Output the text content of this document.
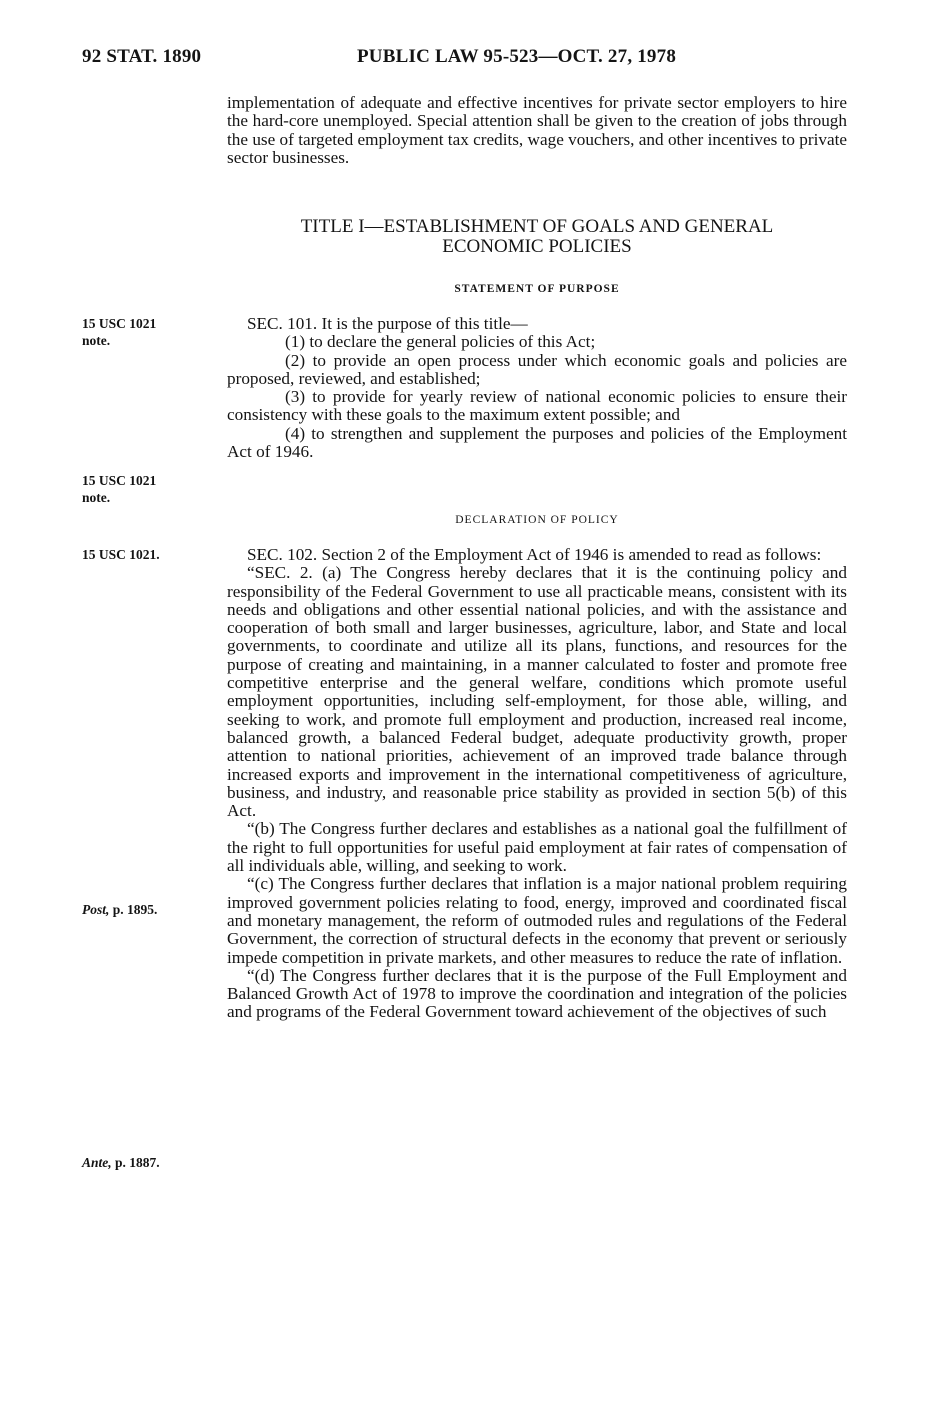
92 STAT. 1890	PUBLIC LAW 95-523—OCT. 27, 1978

implementation of adequate and effective incentives for private sector employers to hire the hard-core unemployed. Special attention shall be given to the creation of jobs through the use of targeted employment tax credits, wage vouchers, and other incentives to private sector businesses.

TITLE I—ESTABLISHMENT OF GOALS AND GENERAL
ECONOMIC POLICIES
STATEMENT OF PURPOSE
15 USC 1021
note.
15 USC 1021
note.
15 USC 1021.
Post, p. 1895.
Ante, p. 1887.

SEC. 101. It is the purpose of this title—

(1) to declare the general policies of this Act;

(2) to provide an open process under which economic goals and policies are proposed, reviewed, and established;

(3) to provide for yearly review of national economic policies to ensure their consistency with these goals to the maximum extent possible; and

(4) to strengthen and supplement the purposes and policies of the Employment Act of 1946.

DECLARATION OF POLICY

SEC. 102. Section 2 of the Employment Act of 1946 is amended to read as follows:

“SEC. 2. (a) The Congress hereby declares that it is the continuing policy and responsibility of the Federal Government to use all practicable means, consistent with its needs and obligations and other essential national policies, and with the assistance and cooperation of both small and larger businesses, agriculture, labor, and State and local governments, to coordinate and utilize all its plans, functions, and resources for the purpose of creating and maintaining, in a manner calculated to foster and promote free competitive enterprise and the general welfare, conditions which promote useful employment opportunities, including self-employment, for those able, willing, and seeking to work, and promote full employment and production, increased real income, balanced growth, a balanced Federal budget, adequate productivity growth, proper attention to national priorities, achievement of an improved trade balance through increased exports and improvement in the international competitiveness of agriculture, business, and industry, and reasonable price stability as provided in section 5(b) of this Act.

“(b) The Congress further declares and establishes as a national goal the fulfillment of the right to full opportunities for useful paid employment at fair rates of compensation of all individuals able, willing, and seeking to work.

“(c) The Congress further declares that inflation is a major national problem requiring improved government policies relating to food, energy, improved and coordinated fiscal and monetary management, the reform of outmoded rules and regulations of the Federal Government, the correction of structural defects in the economy that prevent or seriously impede competition in private markets, and other measures to reduce the rate of inflation.

“(d) The Congress further declares that it is the purpose of the Full Employment and Balanced Growth Act of 1978 to improve the coordination and integration of the policies and programs of the Federal Government toward achievement of the objectives of such
